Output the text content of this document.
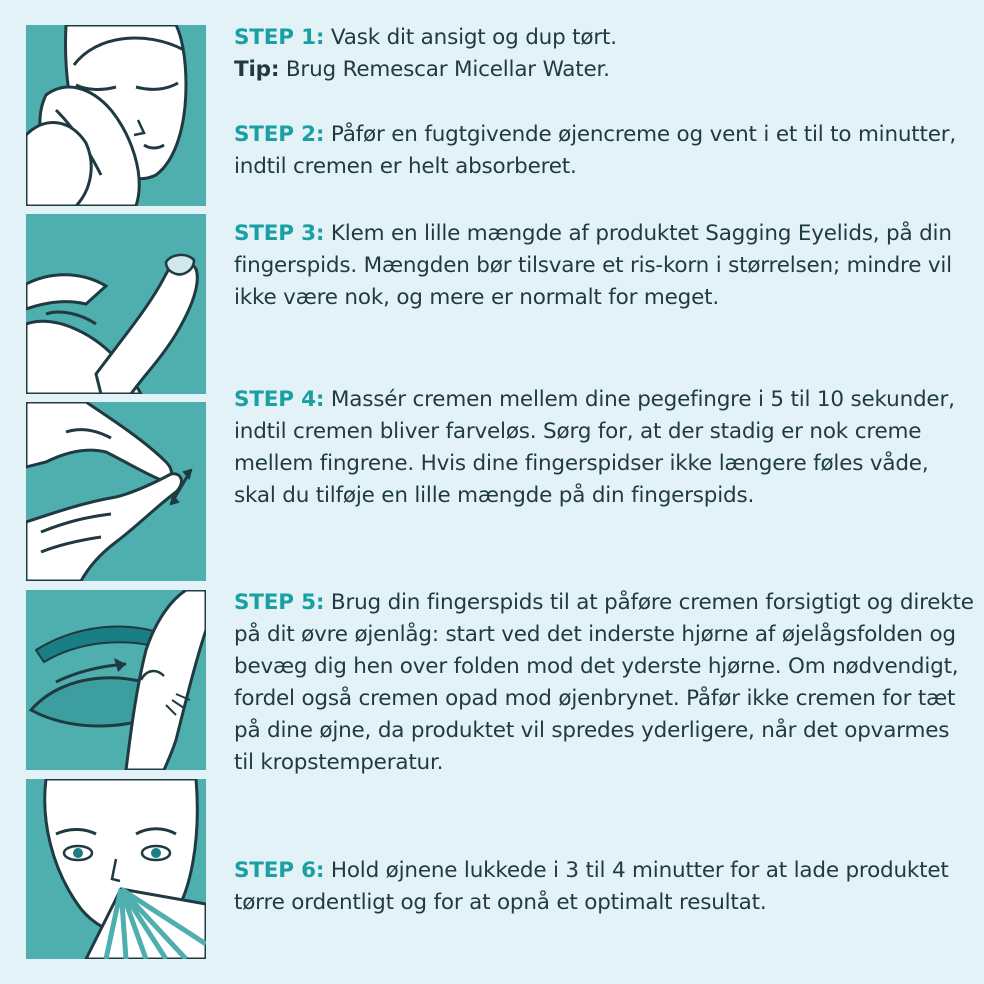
STEP 1: Vask dit ansigt og dup tørt.

Tip: Brug Remescar Micellar Water.

STEP 2: Påfør en fugtgivende øjencreme og vent i et til to minutter, indtil cremen er helt absorberet.

STEP 3: Klem en lille mængde af produktet Sagging Eyelids, på din fingerspids. Mængden bør tilsvare et ris-korn i størrelsen; mindre vil ikke være nok, og mere er normalt for meget.

STEP 4: Massér cremen mellem dine pegefingre i 5 til 10 sekunder, indtil cremen bliver farveløs. Sørg for, at der stadig er nok creme mellem fingrene. Hvis dine fingerspidser ikke længere føles våde, skal du tilføje en lille mængde på din fingerspids.

STEP 5: Brug din fingerspids til at påføre cremen forsigtigt og direkte på dit øvre øjenlåg: start ved det inderste hjørne af øjelågsfolden og bevæg dig hen over folden mod det yderste hjørne. Om nødvendigt, fordel også cremen opad mod øjenbrynet. Påfør ikke cremen for tæt på dine øjne, da produktet vil spredes yderligere, når det opvarmes til kropstemperatur.

STEP 6: Hold øjnene lukkede i 3 til 4 minutter for at lade produktet tørre ordentligt og for at opnå et optimalt resultat.
